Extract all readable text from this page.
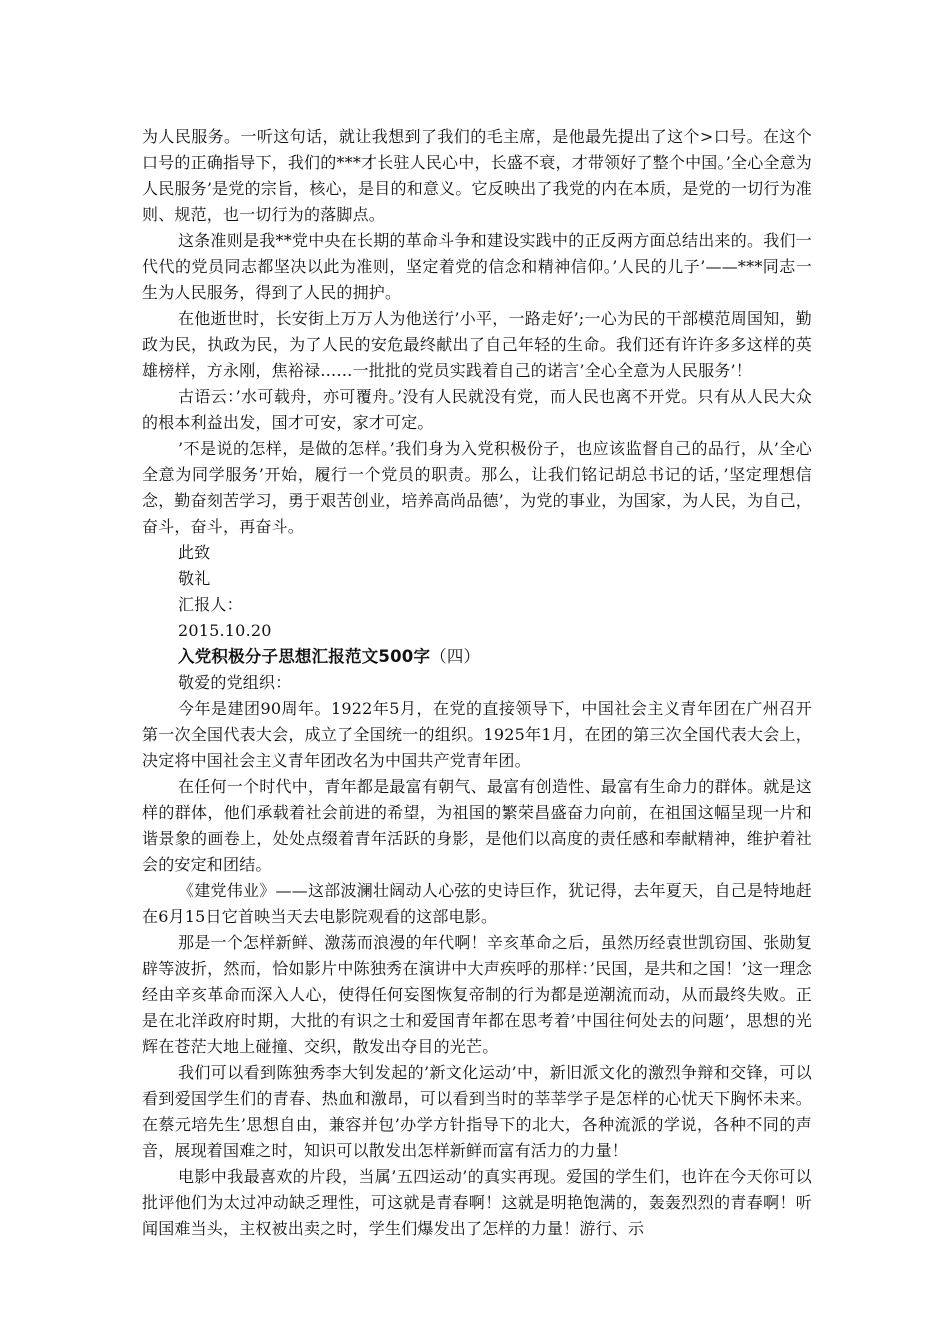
为人民服务。一听这句话，就让我想到了我们的毛主席，是他最先提出了这个>口号。在这个口号的正确指导下，我们的***才长驻人民心中，长盛不衰，才带领好了整个中国。’全心全意为人民服务’是党的宗旨，核心，是目的和意义。它反映出了我党的内在本质，是党的一切行为准则、规范，也一切行为的落脚点。

这条准则是我**党中央在长期的革命斗争和建设实践中的正反两方面总结出来的。我们一代代的党员同志都坚决以此为准则，坚定着党的信念和精神信仰。’人民的儿子’——***同志一生为人民服务，得到了人民的拥护。

在他逝世时，长安街上万万人为他送行’小平，一路走好’;一心为民的干部模范周国知，勤政为民，执政为民，为了人民的安危最终献出了自己年轻的生命。我们还有许许多多这样的英雄榜样，方永刚，焦裕禄……一批批的党员实践着自己的诺言’全心全意为人民服务’！

古语云：’水可载舟，亦可覆舟。’没有人民就没有党，而人民也离不开党。只有从人民大众的根本利益出发，国才可安，家才可定。

’不是说的怎样，是做的怎样。’我们身为入党积极份子，也应该监督自己的品行，从’全心全意为同学服务’开始，履行一个党员的职责。那么，让我们铭记胡总书记的话，’坚定理想信念，勤奋刻苦学习，勇于艰苦创业，培养高尚品德’，为党的事业，为国家，为人民，为自己，奋斗，奋斗，再奋斗。

此致

敬礼

汇报人：

2015.10.20

入党积极分子思想汇报范文500字（四）

敬爱的党组织：

今年是建团90周年。1922年5月，在党的直接领导下，中国社会主义青年团在广州召开第一次全国代表大会，成立了全国统一的组织。1925年1月，在团的第三次全国代表大会上，决定将中国社会主义青年团改名为中国共产党青年团。

在任何一个时代中，青年都是最富有朝气、最富有创造性、最富有生命力的群体。就是这样的群体，他们承载着社会前进的希望，为祖国的繁荣昌盛奋力向前，在祖国这幅呈现一片和谐景象的画卷上，处处点缀着青年活跃的身影，是他们以高度的责任感和奉献精神，维护着社会的安定和团结。

《建党伟业》——这部波澜壮阔动人心弦的史诗巨作，犹记得，去年夏天，自己是特地赶在6月15日它首映当天去电影院观看的这部电影。

那是一个怎样新鲜、激荡而浪漫的年代啊！辛亥革命之后，虽然历经袁世凯窃国、张勋复辟等波折，然而，恰如影片中陈独秀在演讲中大声疾呼的那样：’民国，是共和之国！’这一理念经由辛亥革命而深入人心，使得任何妄图恢复帝制的行为都是逆潮流而动，从而最终失败。正是在北洋政府时期，大批的有识之士和爱国青年都在思考着’中国往何处去的问题’，思想的光辉在苍茫大地上碰撞、交织，散发出夺目的光芒。

我们可以看到陈独秀李大钊发起的’新文化运动’中，新旧派文化的激烈争辩和交锋，可以看到爱国学生们的青春、热血和激昂，可以看到当时的莘莘学子是怎样的心忧天下胸怀未来。在蔡元培先生’思想自由，兼容并包’办学方针指导下的北大，各种流派的学说，各种不同的声音，展现着国难之时，知识可以散发出怎样新鲜而富有活力的力量！

电影中我最喜欢的片段，当属’五四运动’的真实再现。爱国的学生们，也许在今天你可以批评他们为太过冲动缺乏理性，可这就是青春啊！这就是明艳饱满的，轰轰烈烈的青春啊！听闻国难当头，主权被出卖之时，学生们爆发出了怎样的力量！游行、示
